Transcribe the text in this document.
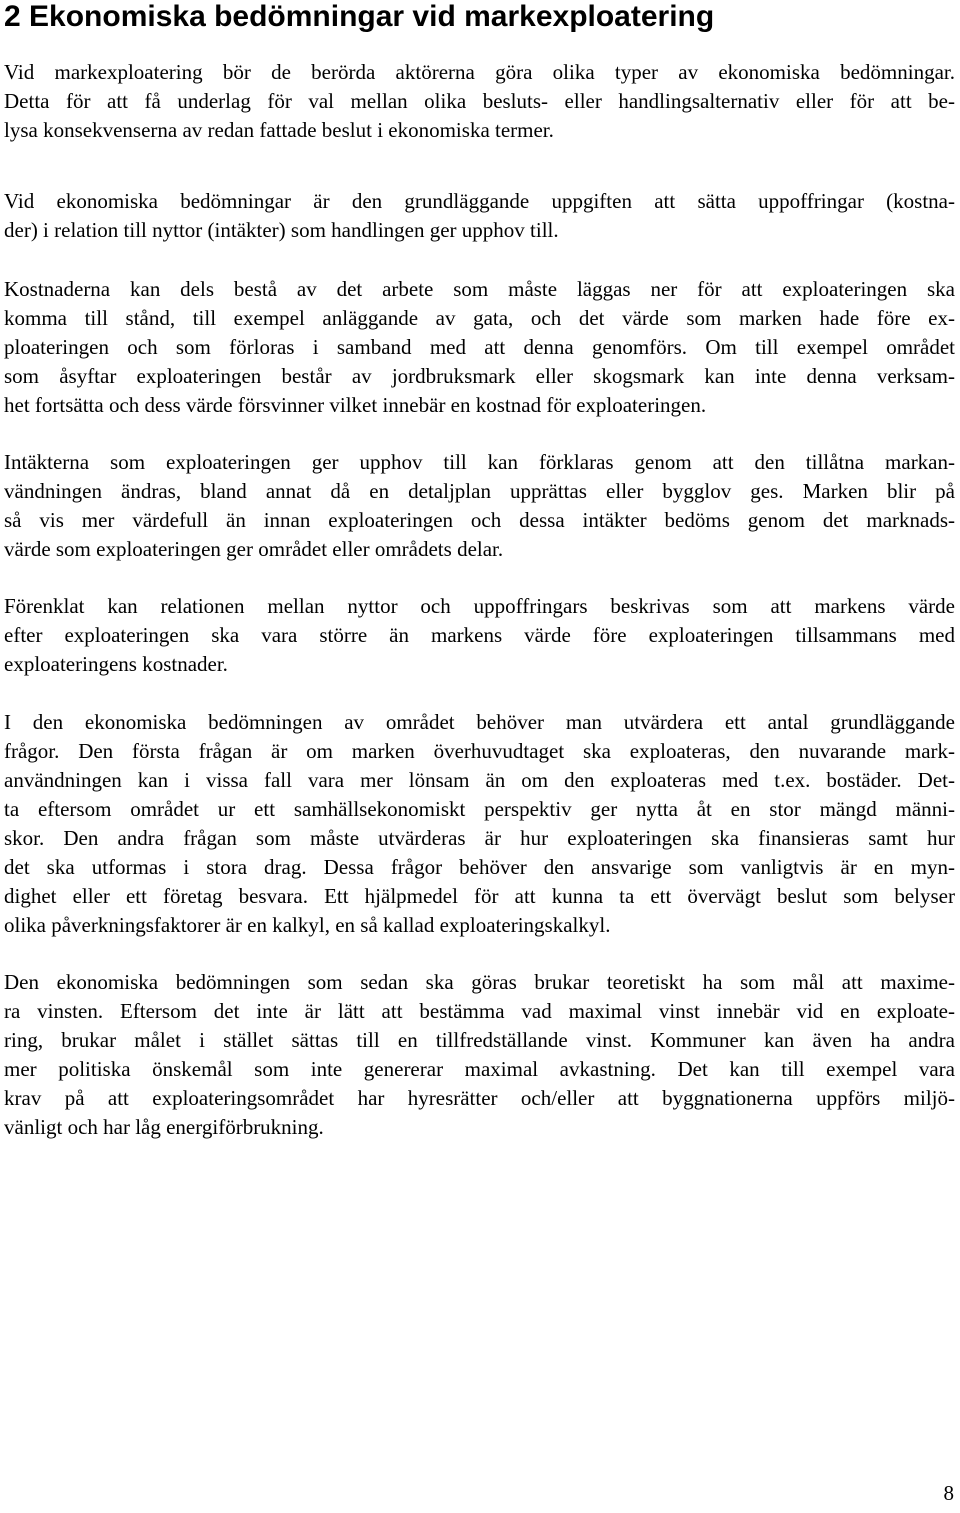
2 Ekonomiska bedömningar vid markexploatering
Vid markexploatering bör de berörda aktörerna göra olika typer av ekonomiska bedömningar.
Detta för att få underlag för val mellan olika besluts- eller handlingsalternativ eller för att be-
lysa konsekvenserna av redan fattade beslut i ekonomiska termer.
Vid ekonomiska bedömningar är den grundläggande uppgiften att sätta uppoffringar (kostna-
der) i relation till nyttor (intäkter) som handlingen ger upphov till.
Kostnaderna kan dels bestå av det arbete som måste läggas ner för att exploateringen ska
komma till stånd, till exempel anläggande av gata, och det värde som marken hade före ex-
ploateringen och som förloras i samband med att denna genomförs. Om till exempel området
som åsyftar exploateringen består av jordbruksmark eller skogsmark kan inte denna verksam-
het fortsätta och dess värde försvinner vilket innebär en kostnad för exploateringen.
Intäkterna som exploateringen ger upphov till kan förklaras genom att den tillåtna markan-
vändningen ändras, bland annat då en detaljplan upprättas eller bygglov ges. Marken blir på
så vis mer värdefull än innan exploateringen och dessa intäkter bedöms genom det marknads-
värde som exploateringen ger området eller områdets delar.
Förenklat kan relationen mellan nyttor och uppoffringars beskrivas som att markens värde
efter exploateringen ska vara större än markens värde före exploateringen tillsammans med
exploateringens kostnader.
I den ekonomiska bedömningen av området behöver man utvärdera ett antal grundläggande
frågor. Den första frågan är om marken överhuvudtaget ska exploateras, den nuvarande mark-
användningen kan i vissa fall vara mer lönsam än om den exploateras med t.ex. bostäder. Det-
ta eftersom området ur ett samhällsekonomiskt perspektiv ger nytta åt en stor mängd männi-
skor. Den andra frågan som måste utvärderas är hur exploateringen ska finansieras samt hur
det ska utformas i stora drag. Dessa frågor behöver den ansvarige som vanligtvis är en myn-
dighet eller ett företag besvara. Ett hjälpmedel för att kunna ta ett övervägt beslut som belyser
olika påverkningsfaktorer är en kalkyl, en så kallad exploateringskalkyl.
Den ekonomiska bedömningen som sedan ska göras brukar teoretiskt ha som mål att maxime-
ra vinsten. Eftersom det inte är lätt att bestämma vad maximal vinst innebär vid en exploate-
ring, brukar målet i stället sättas till en tillfredställande vinst. Kommuner kan även ha andra
mer politiska önskemål som inte genererar maximal avkastning. Det kan till exempel vara
krav på att exploateringsområdet har hyresrätter och/eller att byggnationerna uppförs miljö-
vänligt och har låg energiförbrukning.
8
